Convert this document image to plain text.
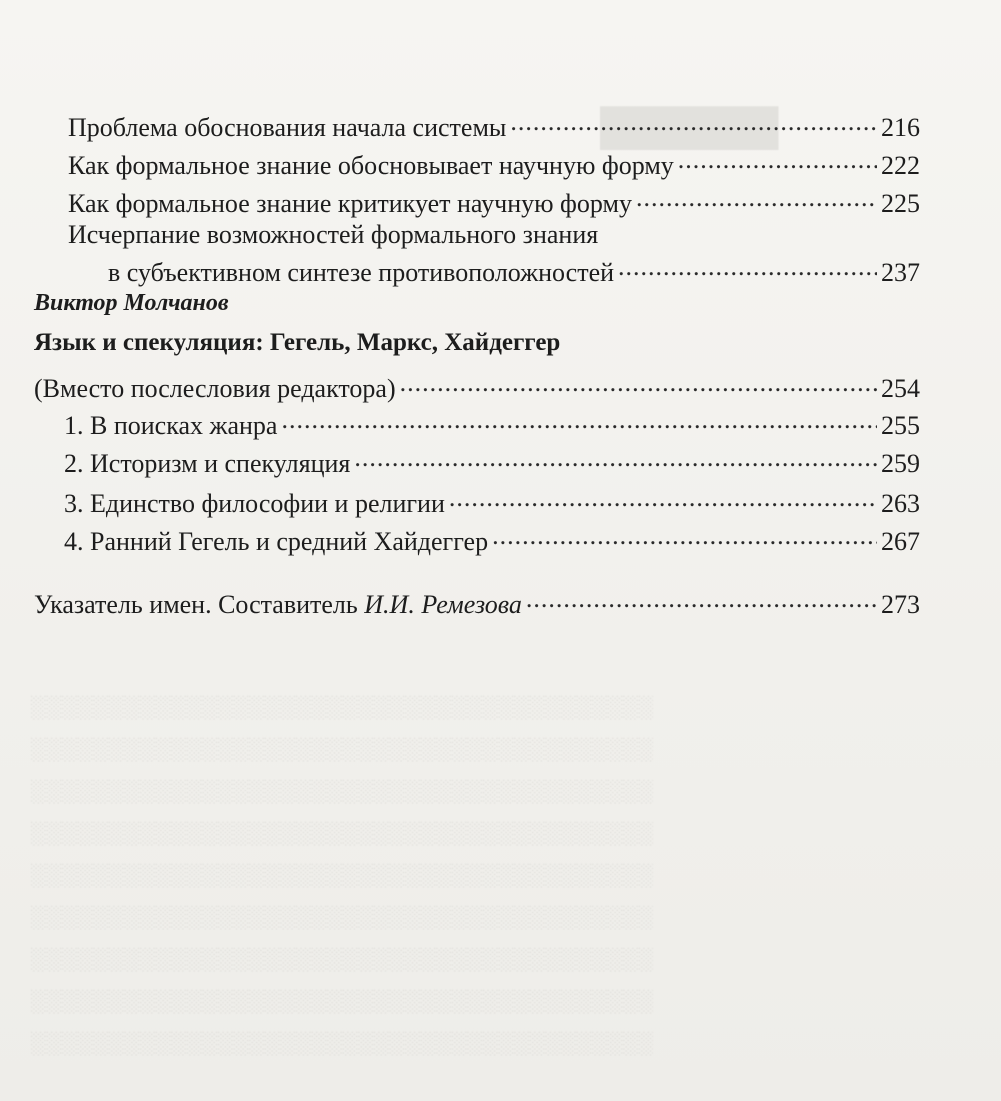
███████
░░░░░░░░░░░░░░░░░░░░░░░░░░░░░░░░░░░░░░░░
░░░░░░░░░░░░░░░░░░░░░░░░░░░░░░░░░░░░░░░░
░░░░░░░░░░░░░░░░░░░░░░░░░░░░░░░░░░░░░░░░
░░░░░░░░░░░░░░░░░░░░░░░░░░░░░░░░░░░░░░░░
░░░░░░░░░░░░░░░░░░░░░░░░░░░░░░░░░░░░░░░░
░░░░░░░░░░░░░░░░░░░░░░░░░░░░░░░░░░░░░░░░
░░░░░░░░░░░░░░░░░░░░░░░░░░░░░░░░░░░░░░░░
░░░░░░░░░░░░░░░░░░░░░░░░░░░░░░░░░░░░░░░░
░░░░░░░░░░░░░░░░░░░░░░░░░░░░░░░░░░░░░░░░
Проблема обоснования начала системы .....	216
Как формальное знание обосновывает научную форму .....	222
Как формальное знание критикует научную форму .....	225
Исчерпание возможностей формального знания
в субъективном синтезе противоположностей .....	237
Виктор Молчанов
Язык и спекуляция: Гегель, Маркс, Хайдеггер
(Вместо послесловия редактора) .....	254
1. В поисках жанра .....	255
2. Историзм и спекуляция .....	259
3. Единство философии и религии .....	263
4. Ранний Гегель и средний Хайдеггер .....	267
Указатель имен. Составитель И.И. Ремезова .....	273
